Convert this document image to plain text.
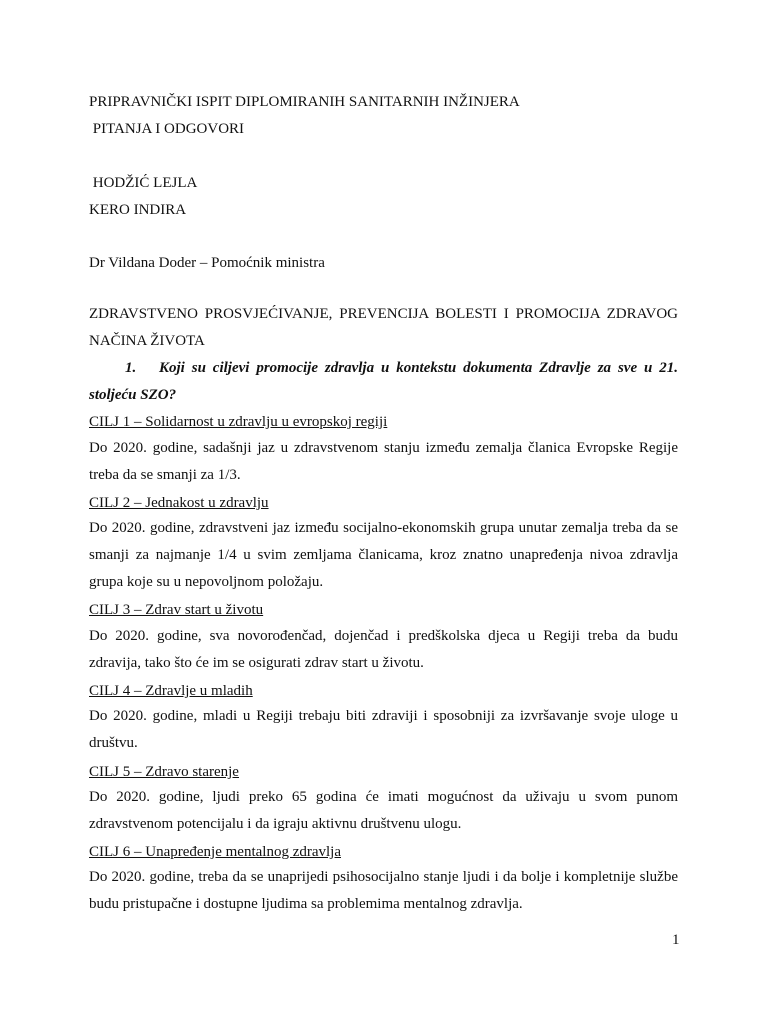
PRIPRAVNIČKI ISPIT DIPLOMIRANIH SANITARNIH INŽINJERA
PITANJA I ODGOVORI
HODŽIĆ LEJLA
KERO INDIRA
Dr Vildana Doder – Pomoćnik ministra
ZDRAVSTVENO PROSVJEĆIVANJE, PREVENCIJA BOLESTI I PROMOCIJA ZDRAVOG NAČINA ŽIVOTA
1. Koji su ciljevi promocije zdravlja u kontekstu dokumenta Zdravlje za sve u 21. stoljeću SZO?
CILJ 1 – Solidarnost u zdravlju u evropskoj regiji
Do 2020. godine, sadašnji jaz u zdravstvenom stanju između zemalja članica Evropske Regije treba da se smanji za 1/3.
CILJ 2 – Jednakost u zdravlju
Do 2020. godine, zdravstveni jaz između socijalno-ekonomskih grupa unutar zemalja treba da se smanji za najmanje 1/4 u svim zemljama članicama, kroz znatno unapređenja nivoa zdravlja grupa koje su u nepovoljnom položaju.
CILJ 3 – Zdrav start u životu
Do 2020. godine, sva novorođenčad, dojenčad i predškolska djeca u Regiji treba da budu zdravija, tako što će im se osigurati zdrav start u životu.
CILJ 4 – Zdravlje u mladih
Do 2020. godine, mladi u Regiji trebaju biti zdraviji i sposobniji za izvršavanje svoje uloge u društvu.
CILJ 5 – Zdravo starenje
Do 2020. godine, ljudi preko 65 godina će imati mogućnost da uživaju u svom punom zdravstvenom potencijalu i da igraju aktivnu društvenu ulogu.
CILJ 6 – Unapređenje mentalnog zdravlja
Do 2020. godine, treba da se unapriјedi psihosocijalno stanje ljudi i da bolje i kompletnije službe budu pristupačne i dostupne ljudima sa problemima mentalnog zdravlja.
1
